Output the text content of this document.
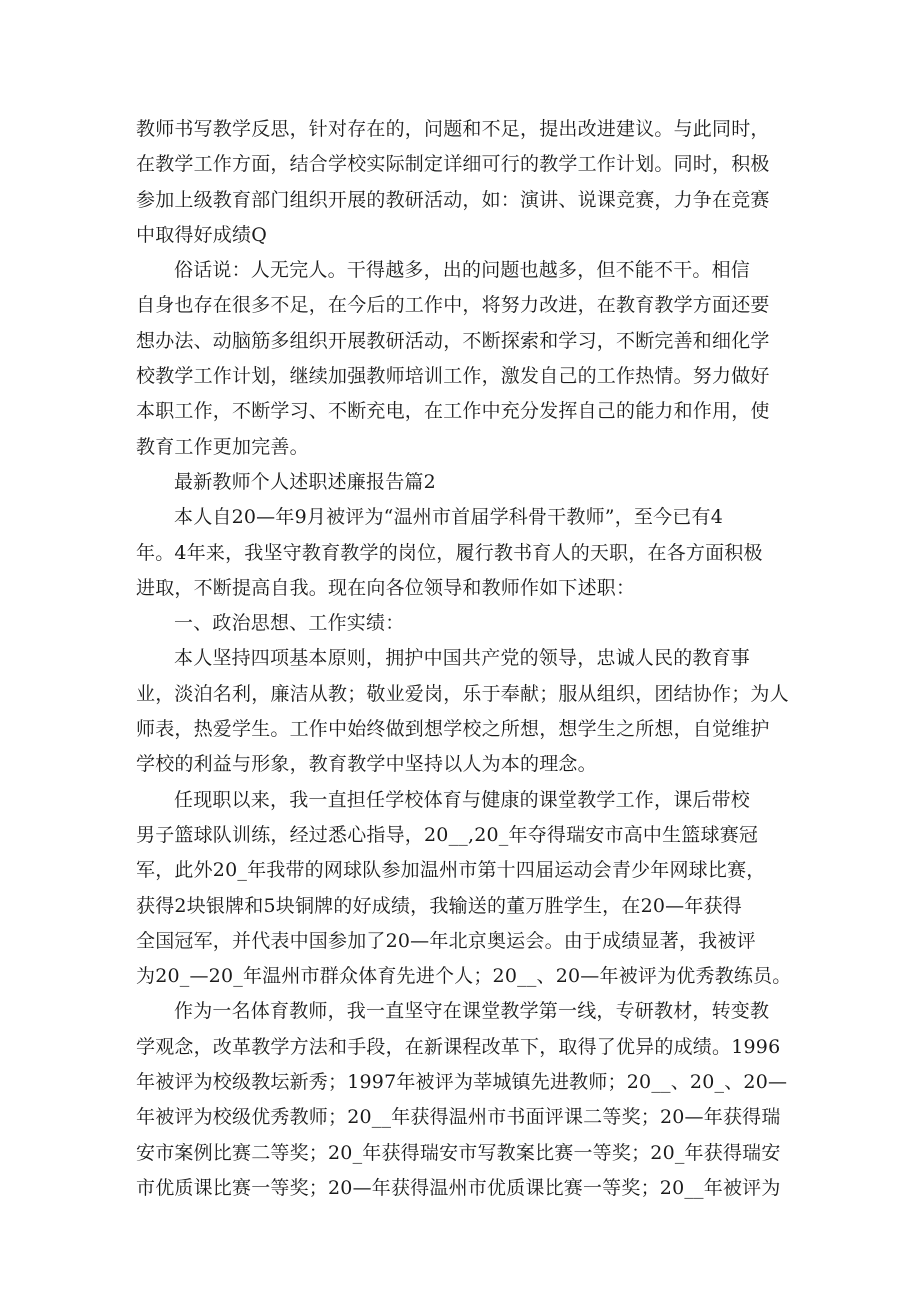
教师书写教学反思，针对存在的，问题和不足，提出改进建议。与此同时，
在教学工作方面，结合学校实际制定详细可行的教学工作计划。同时，积极
参加上级教育部门组织开展的教研活动，如：演讲、说课竞赛，力争在竞赛
中取得好成绩Q
俗话说：人无完人。干得越多，出的问题也越多，但不能不干。相信
自身也存在很多不足，在今后的工作中，将努力改进，在教育教学方面还要
想办法、动脑筋多组织开展教研活动，不断探索和学习，不断完善和细化学
校教学工作计划，继续加强教师培训工作，激发自己的工作热情。努力做好
本职工作，不断学习、不断充电，在工作中充分发挥自己的能力和作用，使
教育工作更加完善。
最新教师个人述职述廉报告篇2
本人自20—年9月被评为“温州市首届学科骨干教师”，至今已有4
年。4年来，我坚守教育教学的岗位，履行教书育人的天职，在各方面积极
进取，不断提高自我。现在向各位领导和教师作如下述职：
一、政治思想、工作实绩：
本人坚持四项基本原则，拥护中国共产党的领导，忠诚人民的教育事
业，淡泊名利，廉洁从教；敬业爱岗，乐于奉献；服从组织，团结协作；为人
师表，热爱学生。工作中始终做到想学校之所想，想学生之所想，自觉维护
学校的利益与形象，教育教学中坚持以人为本的理念。
任现职以来，我一直担任学校体育与健康的课堂教学工作，课后带校
男子篮球队训练，经过悉心指导，20__,20_年夺得瑞安市高中生篮球赛冠
军，此外20_年我带的网球队参加温州市第十四届运动会青少年网球比赛，
获得2块银牌和5块铜牌的好成绩，我输送的董万胜学生，在20—年获得
全国冠军，并代表中国参加了20—年北京奥运会。由于成绩显著，我被评
为20_—20_年温州市群众体育先进个人；20__、20—年被评为优秀教练员。
作为一名体育教师，我一直坚守在课堂教学第一线，专研教材，转变教
学观念，改革教学方法和手段，在新课程改革下，取得了优异的成绩。1996
年被评为校级教坛新秀；1997年被评为莘城镇先进教师；20__、20_、20—
年被评为校级优秀教师；20__年获得温州市书面评课二等奖；20—年获得瑞
安市案例比赛二等奖；20_年获得瑞安市写教案比赛一等奖；20_年获得瑞安
市优质课比赛一等奖；20—年获得温州市优质课比赛一等奖；20__年被评为
